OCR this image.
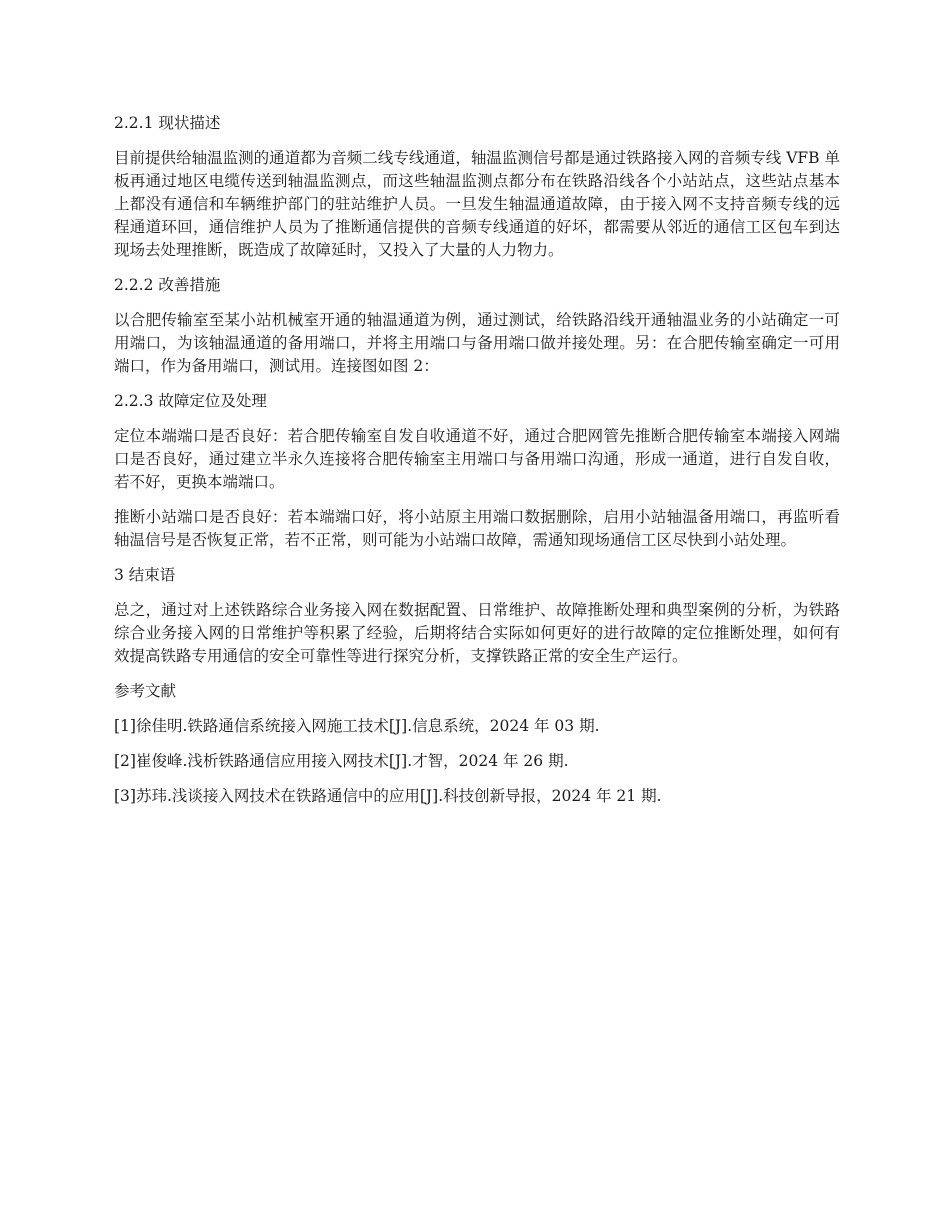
2.2.1 现状描述

目前提供给轴温监测的通道都为音频二线专线通道，轴温监测信号都是通过铁路接入网的音频专线 VFB 单板再通过地区电缆传送到轴温监测点，而这些轴温监测点都分布在铁路沿线各个小站站点，这些站点基本上都没有通信和车辆维护部门的驻站维护人员。一旦发生轴温通道故障，由于接入网不支持音频专线的远程通道环回，通信维护人员为了推断通信提供的音频专线通道的好坏，都需要从邻近的通信工区包车到达现场去处理推断，既造成了故障延时，又投入了大量的人力物力。

2.2.2 改善措施

以合肥传输室至某小站机械室开通的轴温通道为例，通过测试，给铁路沿线开通轴温业务的小站确定一可用端口，为该轴温通道的备用端口，并将主用端口与备用端口做并接处理。另：在合肥传输室确定一可用端口，作为备用端口，测试用。连接图如图 2：

2.2.3 故障定位及处理

定位本端端口是否良好：若合肥传输室自发自收通道不好，通过合肥网管先推断合肥传输室本端接入网端口是否良好，通过建立半永久连接将合肥传输室主用端口与备用端口沟通，形成一通道，进行自发自收，若不好，更换本端端口。

推断小站端口是否良好：若本端端口好，将小站原主用端口数据删除，启用小站轴温备用端口，再监听看轴温信号是否恢复正常，若不正常，则可能为小站端口故障，需通知现场通信工区尽快到小站处理。

3 结束语

总之，通过对上述铁路综合业务接入网在数据配置、日常维护、故障推断处理和典型案例的分析，为铁路综合业务接入网的日常维护等积累了经验，后期将结合实际如何更好的进行故障的定位推断处理，如何有效提高铁路专用通信的安全可靠性等进行探究分析，支撑铁路正常的安全生产运行。

参考文献

[1]徐佳明.铁路通信系统接入网施工技术[J].信息系统，2024 年 03 期.

[2]崔俊峰.浅析铁路通信应用接入网技术[J].才智，2024 年 26 期.

[3]苏玮.浅谈接入网技术在铁路通信中的应用[J].科技创新导报，2024 年 21 期.
